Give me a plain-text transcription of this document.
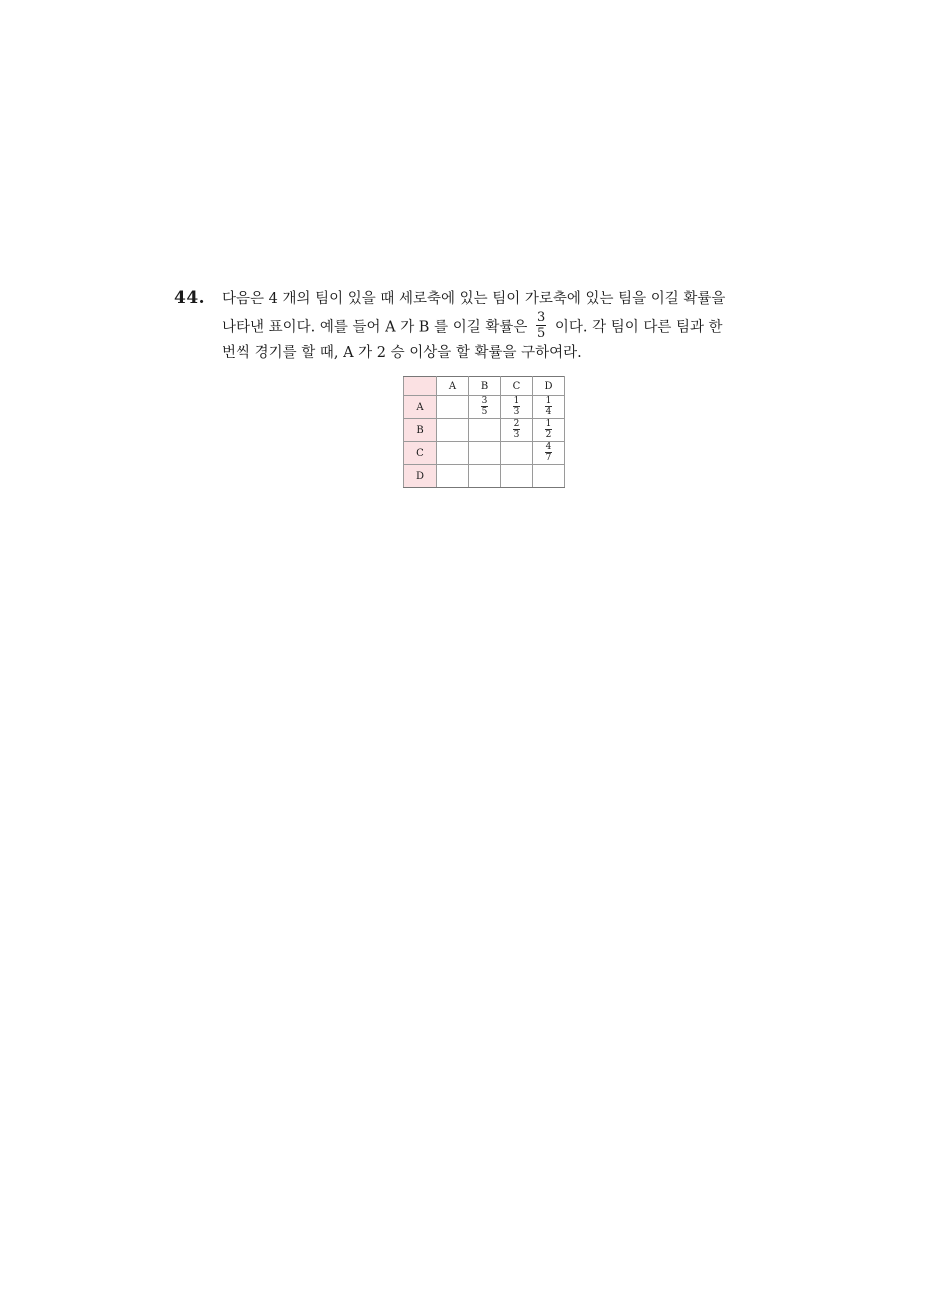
44. 다음은 4 개의 팀이 있을 때 세로축에 있는 팀이 가로축에 있는 팀을 이길 확률을
나타낸 표이다. 예를 들어 A 가 B 를 이길 확률은 $\frac{3}{5}$ 이다. 각 팀이 다른 팀과 한
번씩 경기를 할 때, A 가 2 승 이상을 할 확률을 구하여라.
	A	B	C	D
A		$\frac{3}{5}$	$\frac{1}{3}$	$\frac{1}{4}$

B			$\frac{2}{3}$	$\frac{1}{2}$

C				$\frac{4}{7}$

D				
